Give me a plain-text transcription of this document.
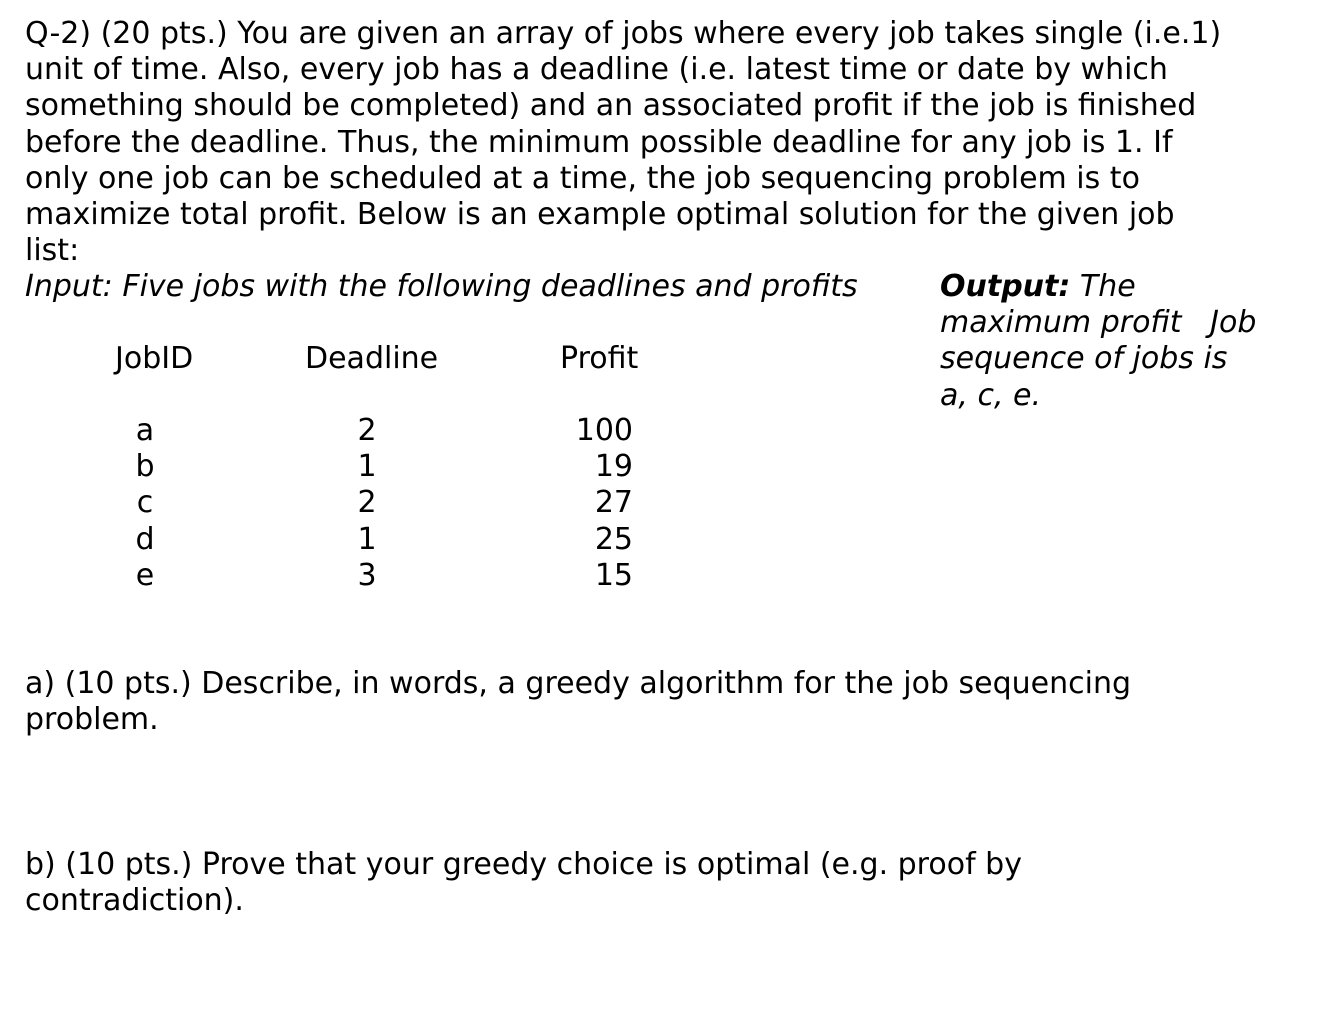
Q-2) (20 pts.) You are given an array of jobs where every job takes single (i.e.1)
unit of time. Also, every job has a deadline (i.e. latest time or date by which
something should be completed) and an associated profit if the job is finished
before the deadline. Thus, the minimum possible deadline for any job is 1. If
only one job can be scheduled at a time, the job sequencing problem is to
maximize total profit. Below is an example optimal solution for the given job
list:
Input: Five jobs with the following deadlines and profits	Output: The
maximum profit   Job
sequence of jobs is
a, c, e.
JobID	Deadline	Profit
a	2	100
b	1	19
c	2	27
d	1	25
e	3	15
a) (10 pts.) Describe, in words, a greedy algorithm for the job sequencing
problem.
b) (10 pts.) Prove that your greedy choice is optimal (e.g. proof by
contradiction).
